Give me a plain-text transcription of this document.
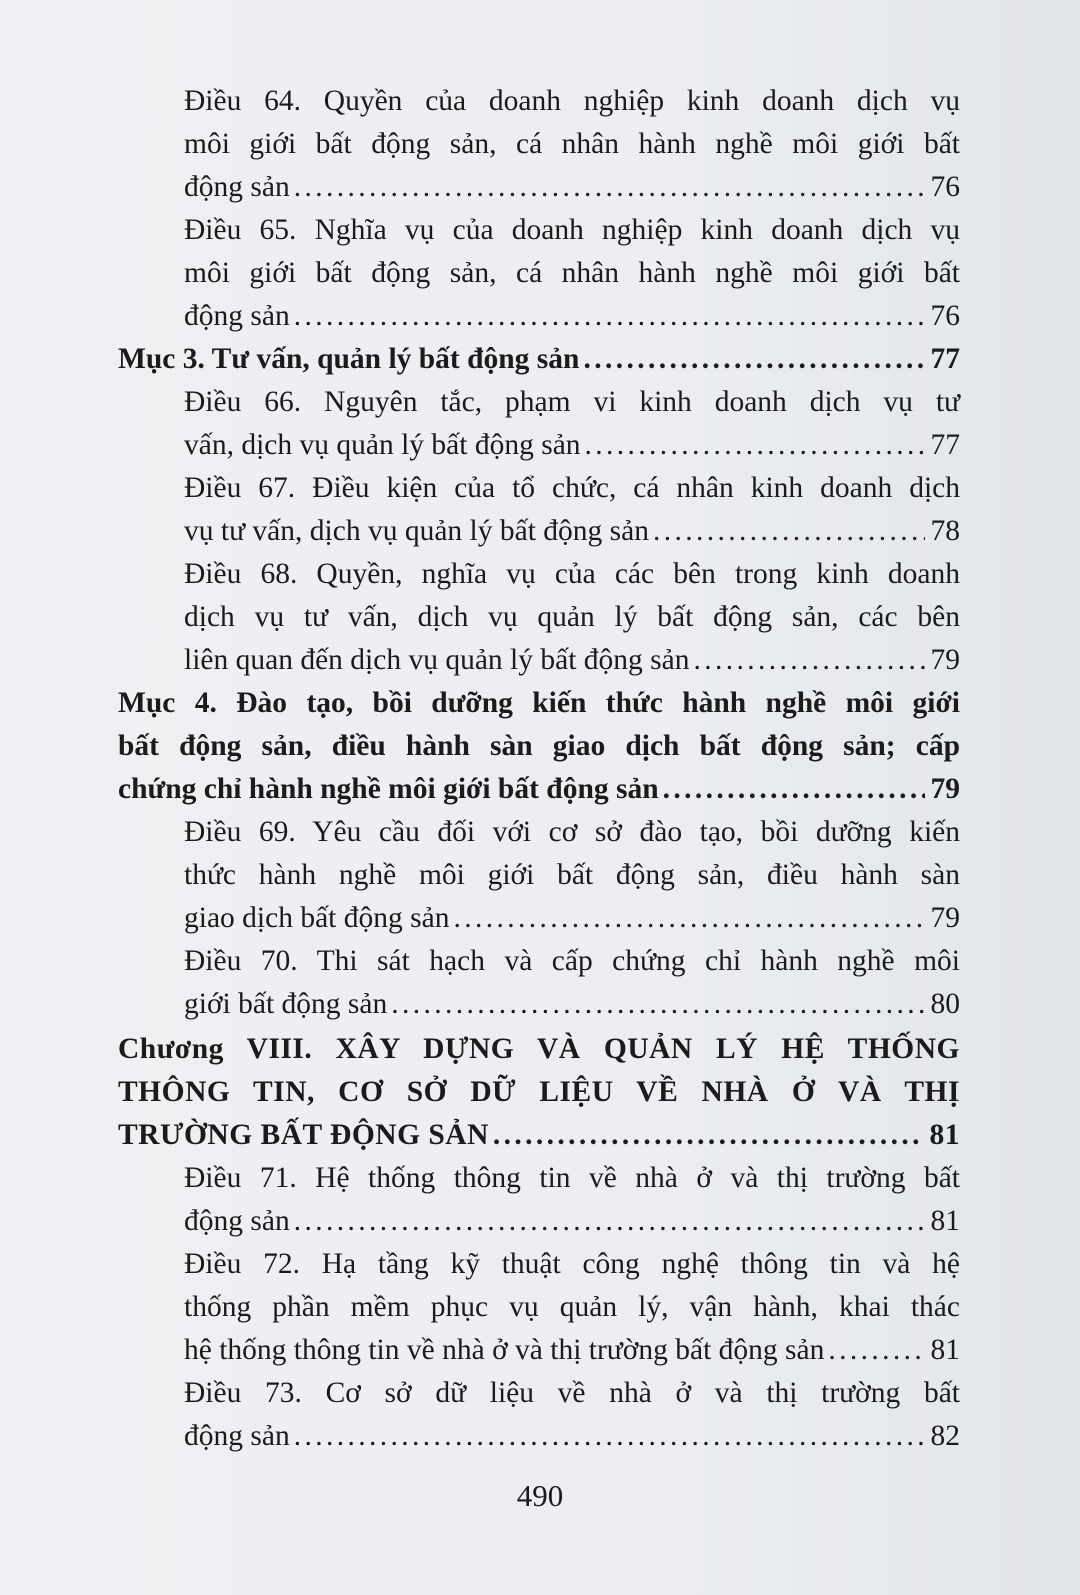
Điều 64. Quyền của doanh nghiệp kinh doanh dịch vụ
môi giới bất động sản, cá nhân hành nghề môi giới bất
động sản . . .	76
Điều 65. Nghĩa vụ của doanh nghiệp kinh doanh dịch vụ
môi giới bất động sản, cá nhân hành nghề môi giới bất
động sản . . .	76
Mục 3. Tư vấn, quản lý bất động sản . . .	77
Điều 66. Nguyên tắc, phạm vi kinh doanh dịch vụ tư
vấn, dịch vụ quản lý bất động sản . . .	77
Điều 67. Điều kiện của tổ chức, cá nhân kinh doanh dịch
vụ tư vấn, dịch vụ quản lý bất động sản . . .	78
Điều 68. Quyền, nghĩa vụ của các bên trong kinh doanh
dịch vụ tư vấn, dịch vụ quản lý bất động sản, các bên
liên quan đến dịch vụ quản lý bất động sản . . .	79
Mục 4. Đào tạo, bồi dưỡng kiến thức hành nghề môi giới
bất động sản, điều hành sàn giao dịch bất động sản; cấp
chứng chỉ hành nghề môi giới bất động sản . . .	79
Điều 69. Yêu cầu đối với cơ sở đào tạo, bồi dưỡng kiến
thức hành nghề môi giới bất động sản, điều hành sàn
giao dịch bất động sản . . .	79
Điều 70. Thi sát hạch và cấp chứng chỉ hành nghề môi
giới bất động sản . . .	80
Chương VIII. XÂY DỰNG VÀ QUẢN LÝ HỆ THỐNG
THÔNG TIN, CƠ SỞ DỮ LIỆU VỀ NHÀ Ở VÀ THỊ
TRƯỜNG BẤT ĐỘNG SẢN . . .	81
Điều 71. Hệ thống thông tin về nhà ở và thị trường bất
động sản . . .	81
Điều 72. Hạ tầng kỹ thuật công nghệ thông tin và hệ
thống phần mềm phục vụ quản lý, vận hành, khai thác
hệ thống thông tin về nhà ở và thị trường bất động sản . . .	81
Điều 73. Cơ sở dữ liệu về nhà ở và thị trường bất
động sản . . .	82
490
